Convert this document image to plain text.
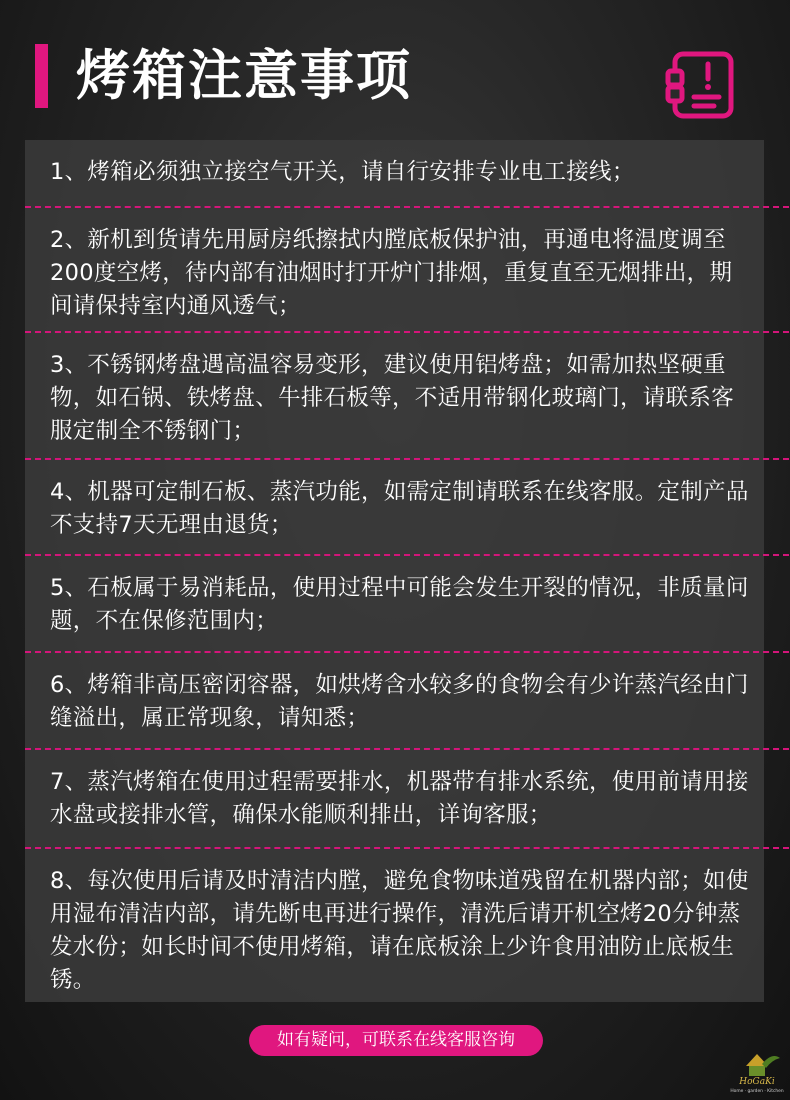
烤箱注意事项
1、烤箱必须独立接空气开关，请自行安排专业电工接线；
2、新机到货请先用厨房纸擦拭内膛底板保护油，再通电将温度调至200度空烤，待内部有油烟时打开炉门排烟，重复直至无烟排出，期间请保持室内通风透气；
3、不锈钢烤盘遇高温容易变形，建议使用铝烤盘；如需加热坚硬重物，如石锅、铁烤盘、牛排石板等，不适用带钢化玻璃门，请联系客服定制全不锈钢门；
4、机器可定制石板、蒸汽功能，如需定制请联系在线客服。定制产品不支持7天无理由退货；
5、石板属于易消耗品，使用过程中可能会发生开裂的情况，非质量问题，不在保修范围内；
6、烤箱非高压密闭容器，如烘烤含水较多的食物会有少许蒸汽经由门缝溢出，属正常现象，请知悉；
7、蒸汽烤箱在使用过程需要排水，机器带有排水系统，使用前请用接水盘或接排水管，确保水能顺利排出，详询客服；
8、每次使用后请及时清洁内膛，避免食物味道残留在机器内部；如使用湿布清洁内部，请先断电再进行操作，清洗后请开机空烤20分钟蒸发水份；如长时间不使用烤箱，请在底板涂上少许食用油防止底板生锈。
如有疑问，可联系在线客服咨询
HoGaKi
Home · garden · Kitchen
